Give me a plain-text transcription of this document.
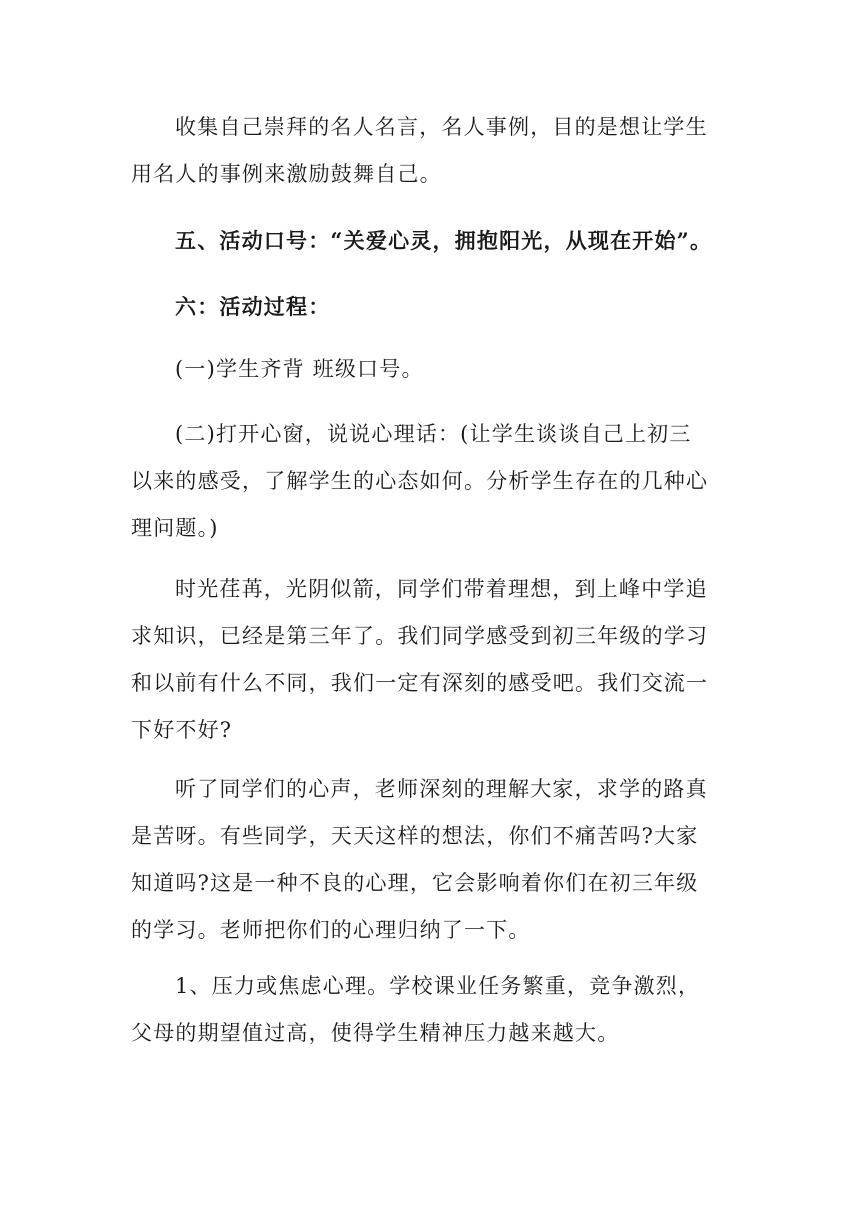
收集自己崇拜的名人名言，名人事例，目的是想让学生
用名人的事例来激励鼓舞自己。

五、活动口号：“关爱心灵，拥抱阳光，从现在开始”。

六：活动过程：

(一)学生齐背 班级口号。

(二)打开心窗，说说心理话：(让学生谈谈自己上初三
以来的感受，了解学生的心态如何。分析学生存在的几种心
理问题。)

时光荏苒，光阴似箭，同学们带着理想，到上峰中学追
求知识，已经是第三年了。我们同学感受到初三年级的学习
和以前有什么不同，我们一定有深刻的感受吧。我们交流一
下好不好?

听了同学们的心声，老师深刻的理解大家，求学的路真
是苦呀。有些同学，天天这样的想法，你们不痛苦吗?大家
知道吗?这是一种不良的心理，它会影响着你们在初三年级
的学习。老师把你们的心理归纳了一下。

1、压力或焦虑心理。学校课业任务繁重，竞争激烈，
父母的期望值过高，使得学生精神压力越来越大。
